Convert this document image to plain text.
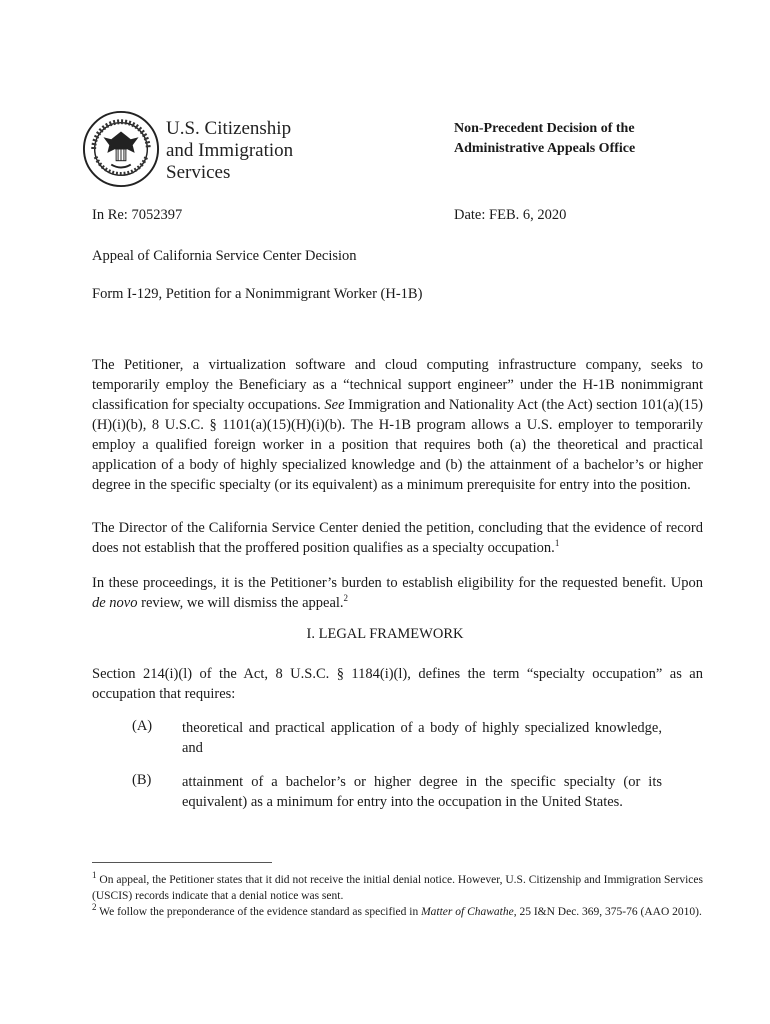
U.S. Citizenship
and Immigration
Services
Non-Precedent Decision of the
Administrative Appeals Office
In Re: 7052397	Date: FEB. 6, 2020
Appeal of California Service Center Decision
Form I-129, Petition for a Nonimmigrant Worker (H-1B)
The Petitioner, a virtualization software and cloud computing infrastructure company, seeks to temporarily employ the Beneficiary as a “technical support engineer” under the H-1B nonimmigrant classification for specialty occupations. See Immigration and Nationality Act (the Act) section 101(a)(15)(H)(i)(b), 8 U.S.C. § 1101(a)(15)(H)(i)(b). The H-1B program allows a U.S. employer to temporarily employ a qualified foreign worker in a position that requires both (a) the theoretical and practical application of a body of highly specialized knowledge and (b) the attainment of a bachelor’s or higher degree in the specific specialty (or its equivalent) as a minimum prerequisite for entry into the position.
The Director of the California Service Center denied the petition, concluding that the evidence of record does not establish that the proffered position qualifies as a specialty occupation.$^1$
In these proceedings, it is the Petitioner’s burden to establish eligibility for the requested benefit. Upon de novo review, we will dismiss the appeal.$^2$
I. LEGAL FRAMEWORK
Section 214(i)(l) of the Act, 8 U.S.C. § 1184(i)(l), defines the term “specialty occupation” as an occupation that requires:
(A) theoretical and practical application of a body of highly specialized knowledge, and
(B) attainment of a bachelor’s or higher degree in the specific specialty (or its equivalent) as a minimum for entry into the occupation in the United States.
$^1$ On appeal, the Petitioner states that it did not receive the initial denial notice. However, U.S. Citizenship and Immigration Services (USCIS) records indicate that a denial notice was sent.
$^2$ We follow the preponderance of the evidence standard as specified in Matter of Chawathe, 25 I&N Dec. 369, 375-76 (AAO 2010).
